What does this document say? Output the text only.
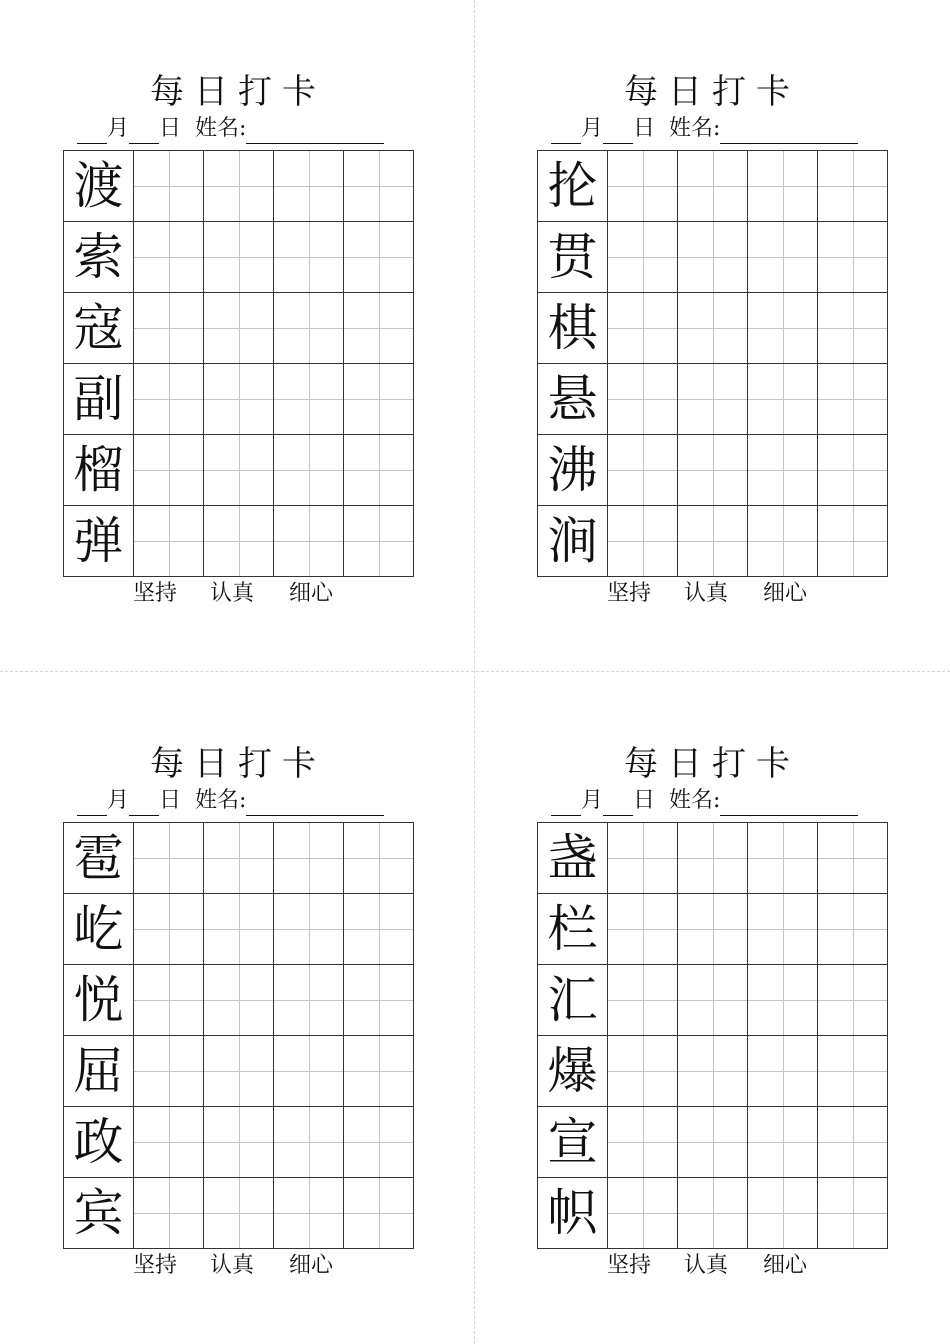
每日打卡
月 日 姓名:
渡				
索				
寇				
副				
榴				
弹				
坚持 认真 细心
每日打卡
月 日 姓名:
抡				
贯				
棋				
悬				
沸				
涧				
坚持 认真 细心
每日打卡
月 日 姓名:
雹				
屹				
悦				
屈				
政				
宾				
坚持 认真 细心
每日打卡
月 日 姓名:
盏				
栏				
汇				
爆				
宣				
帜				
坚持 认真 细心
